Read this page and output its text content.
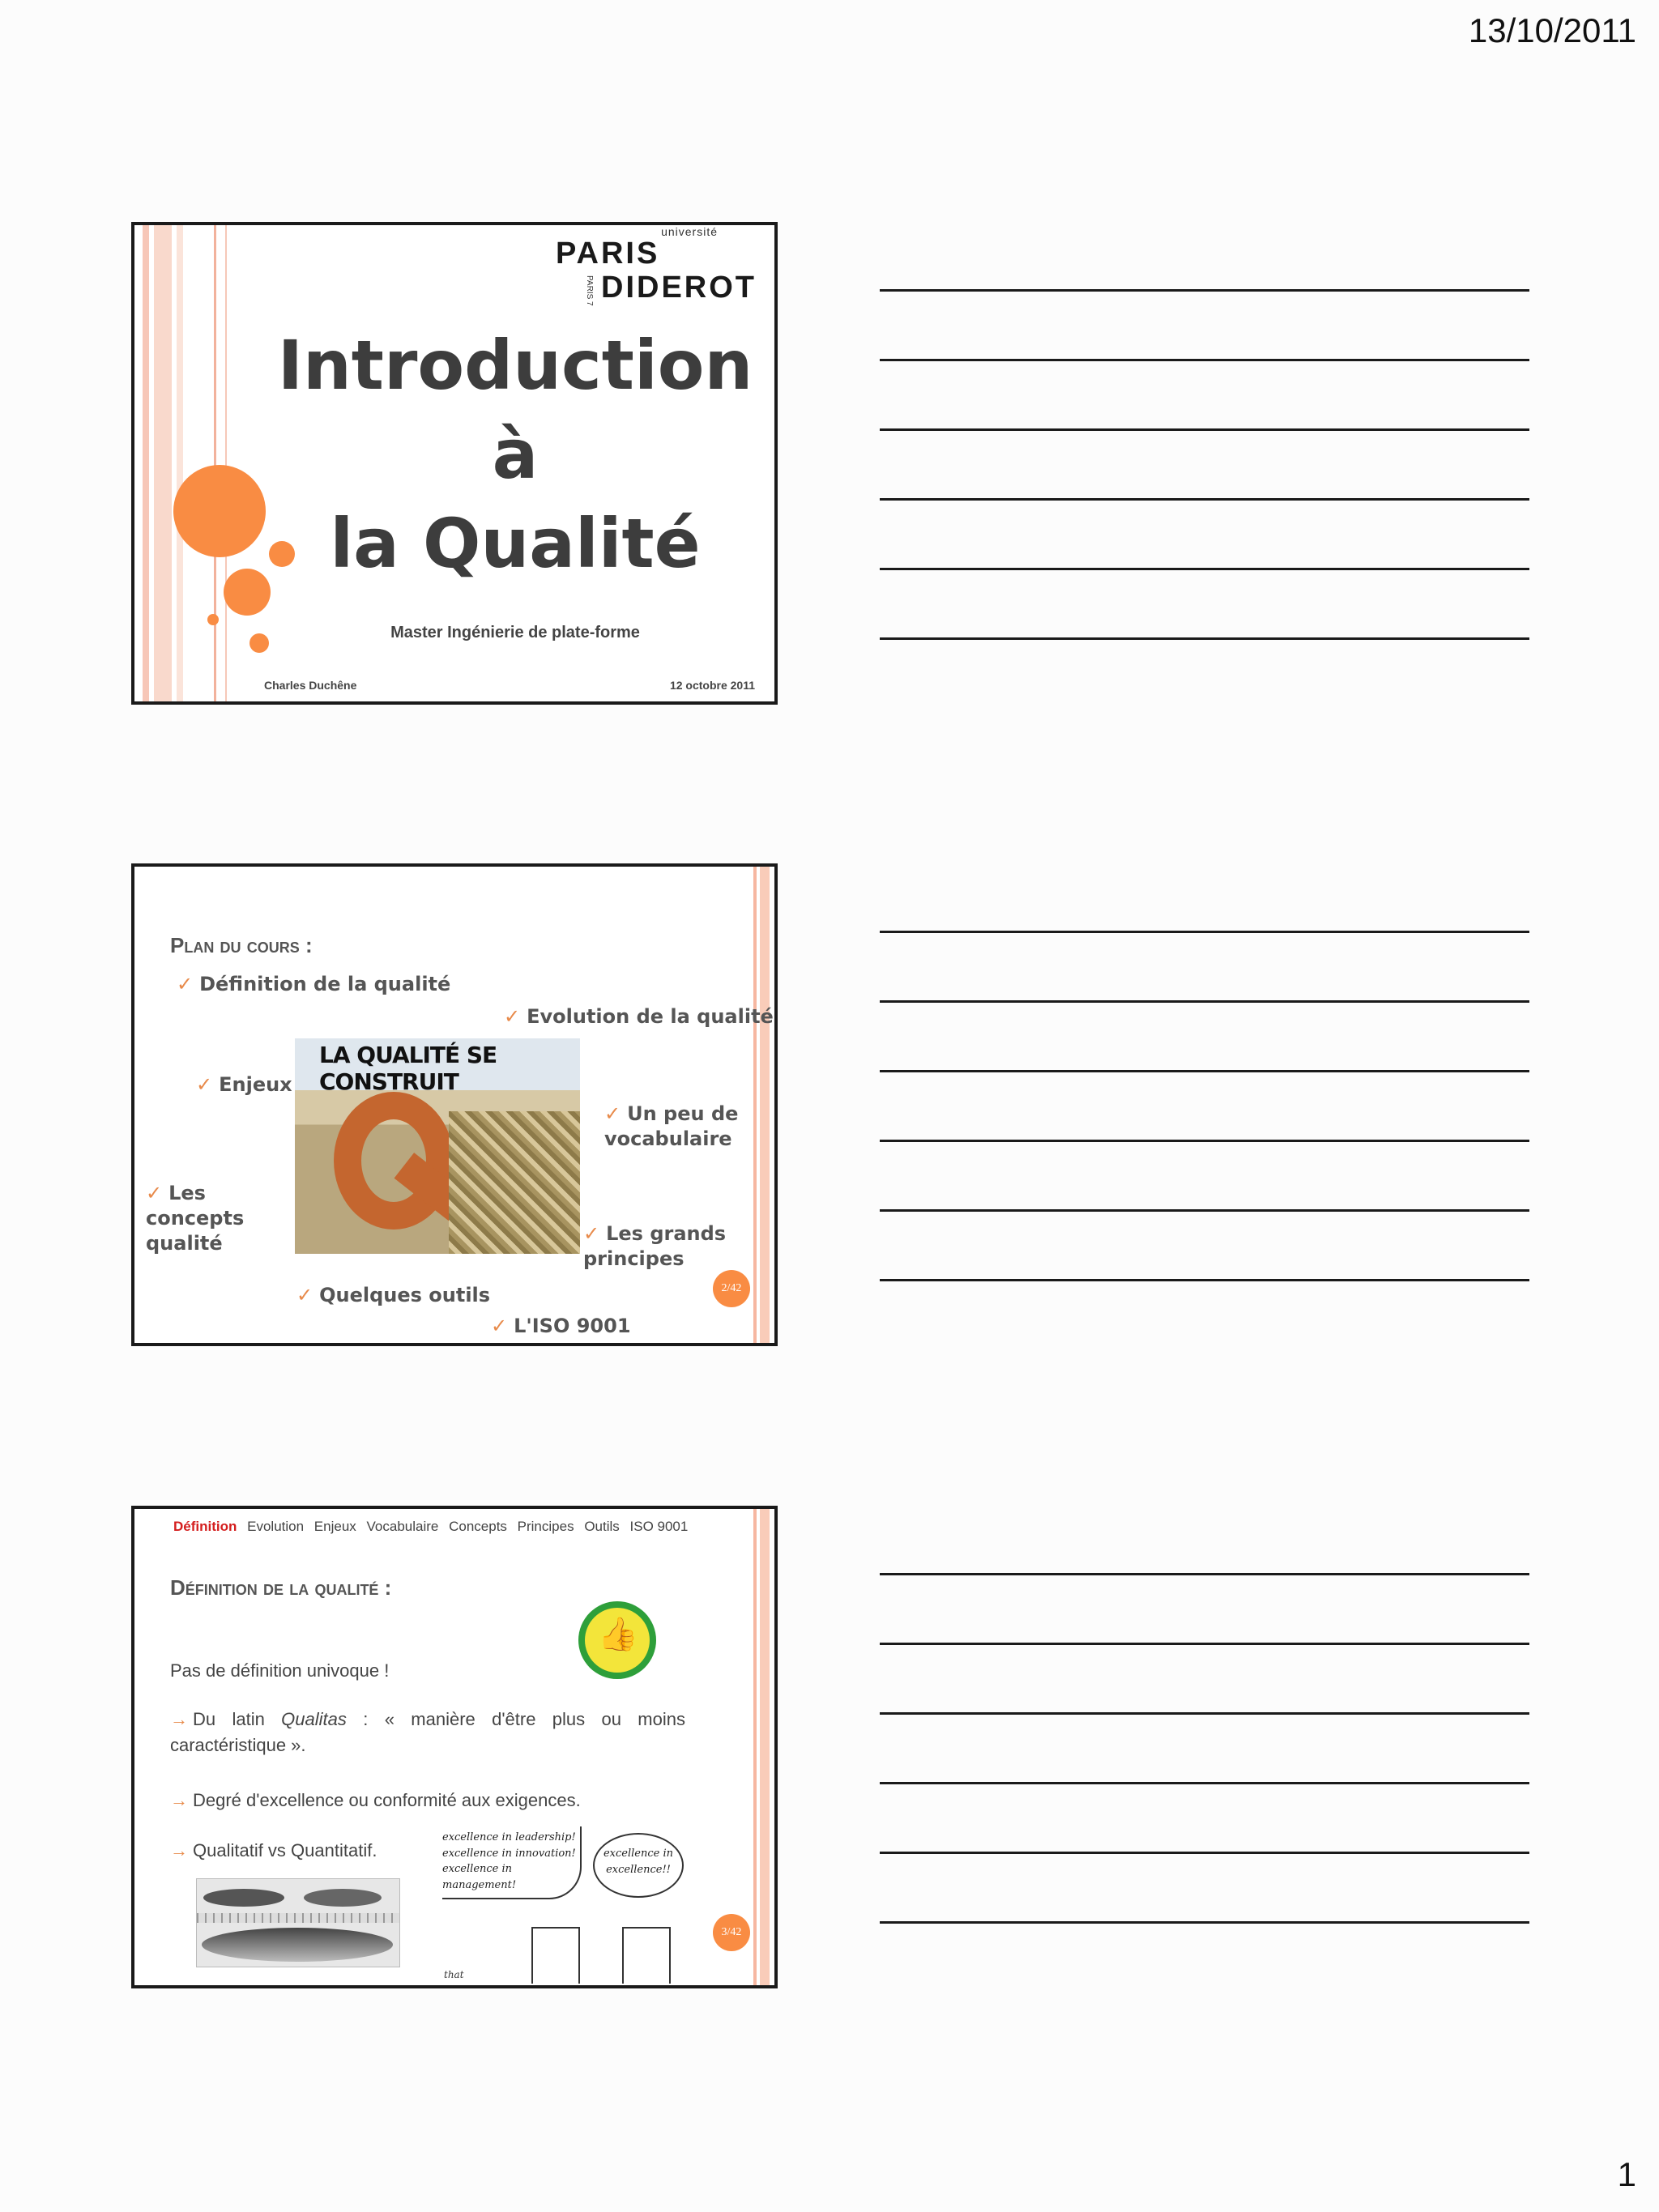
13/10/2011
université
PARIS
PARIS 7 DIDEROT
Introduction
à
la Qualité
Master Ingénierie de plate-forme
Charles Duchêne	12 octobre 2011
Plan du cours :
✓ Définition de la qualité
✓ Evolution de la qualité
✓ Enjeux
✓ Un peu de vocabulaire
✓ Les concepts qualité	✓ Les grands principes
✓ Quelques outils
✓ L'ISO 9001
LA QUALITÉ SE CONSTRUIT
2/42
Définition Evolution Enjeux Vocabulaire Concepts Principes Outils ISO 9001
Définition de la qualité :
👍
Pas de définition univoque !
→ Du latin Qualitas : « manière d'être plus ou moins caractéristique ».
→ Degré d'excellence ou conformité aux exigences.
→ Qualitatif vs Quantitatif.
excellence in leadership!
excellence in innovation!
excellence in management!
excellence in excellence!!
that
3/42
1
